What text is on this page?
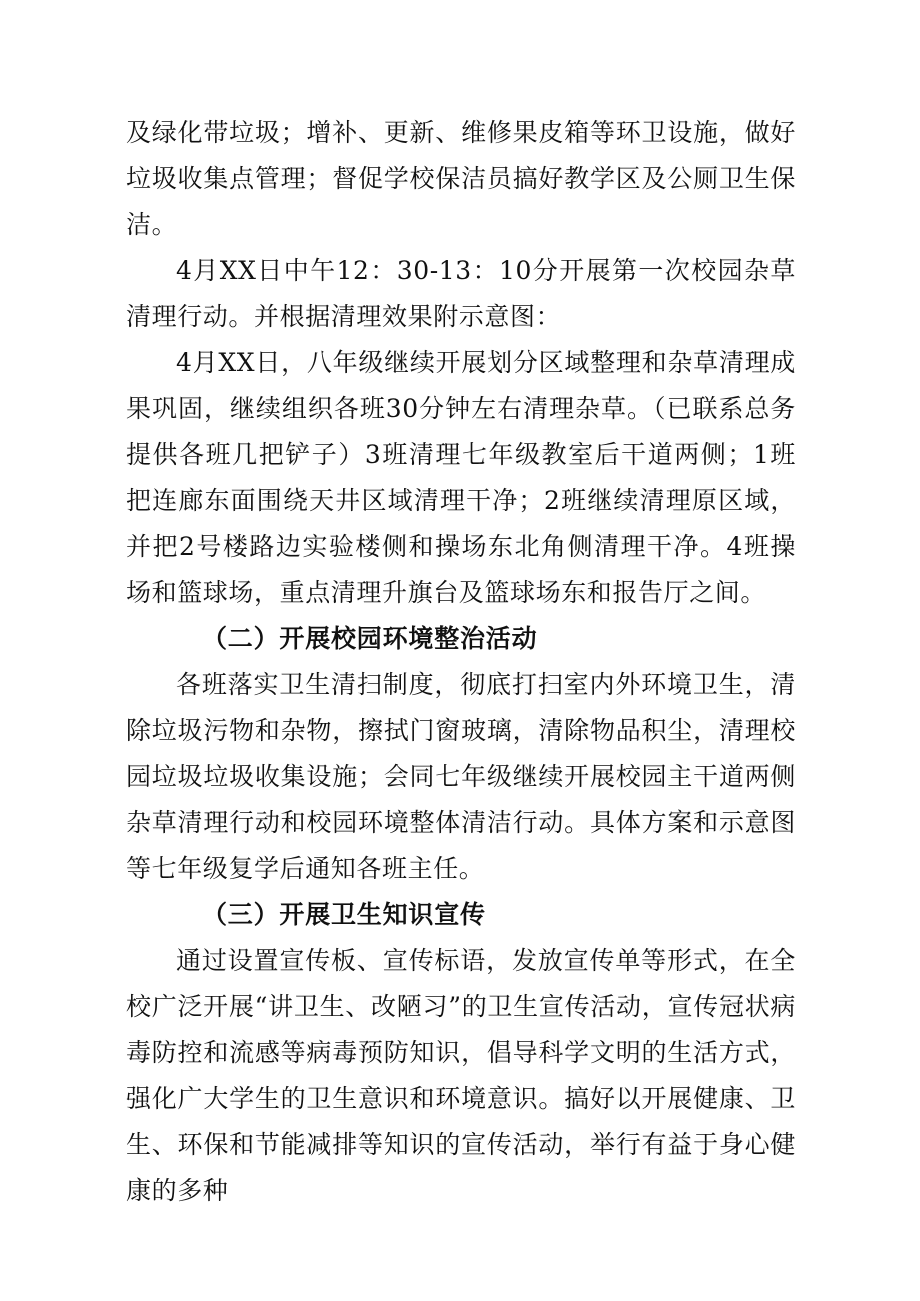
及绿化带垃圾；增补、更新、维修果皮箱等环卫设施，做好垃圾收集点管理；督促学校保洁员搞好教学区及公厕卫生保洁。

4月XX日中午12：30-13：10分开展第一次校园杂草清理行动。并根据清理效果附示意图：

4月XX日，八年级继续开展划分区域整理和杂草清理成果巩固，继续组织各班30分钟左右清理杂草。（已联系总务提供各班几把铲子）3班清理七年级教室后干道两侧；1班把连廊东面围绕天井区域清理干净；2班继续清理原区域，并把2号楼路边实验楼侧和操场东北角侧清理干净。4班操场和篮球场，重点清理升旗台及篮球场东和报告厅之间。

（二）开展校园环境整治活动

各班落实卫生清扫制度，彻底打扫室内外环境卫生，清除垃圾污物和杂物，擦拭门窗玻璃，清除物品积尘，清理校园垃圾垃圾收集设施；会同七年级继续开展校园主干道两侧杂草清理行动和校园环境整体清洁行动。具体方案和示意图等七年级复学后通知各班主任。

（三）开展卫生知识宣传

通过设置宣传板、宣传标语，发放宣传单等形式，在全校广泛开展“讲卫生、改陋习”的卫生宣传活动，宣传冠状病毒防控和流感等病毒预防知识，倡导科学文明的生活方式，强化广大学生的卫生意识和环境意识。搞好以开展健康、卫生、环保和节能减排等知识的宣传活动，举行有益于身心健康的多种
